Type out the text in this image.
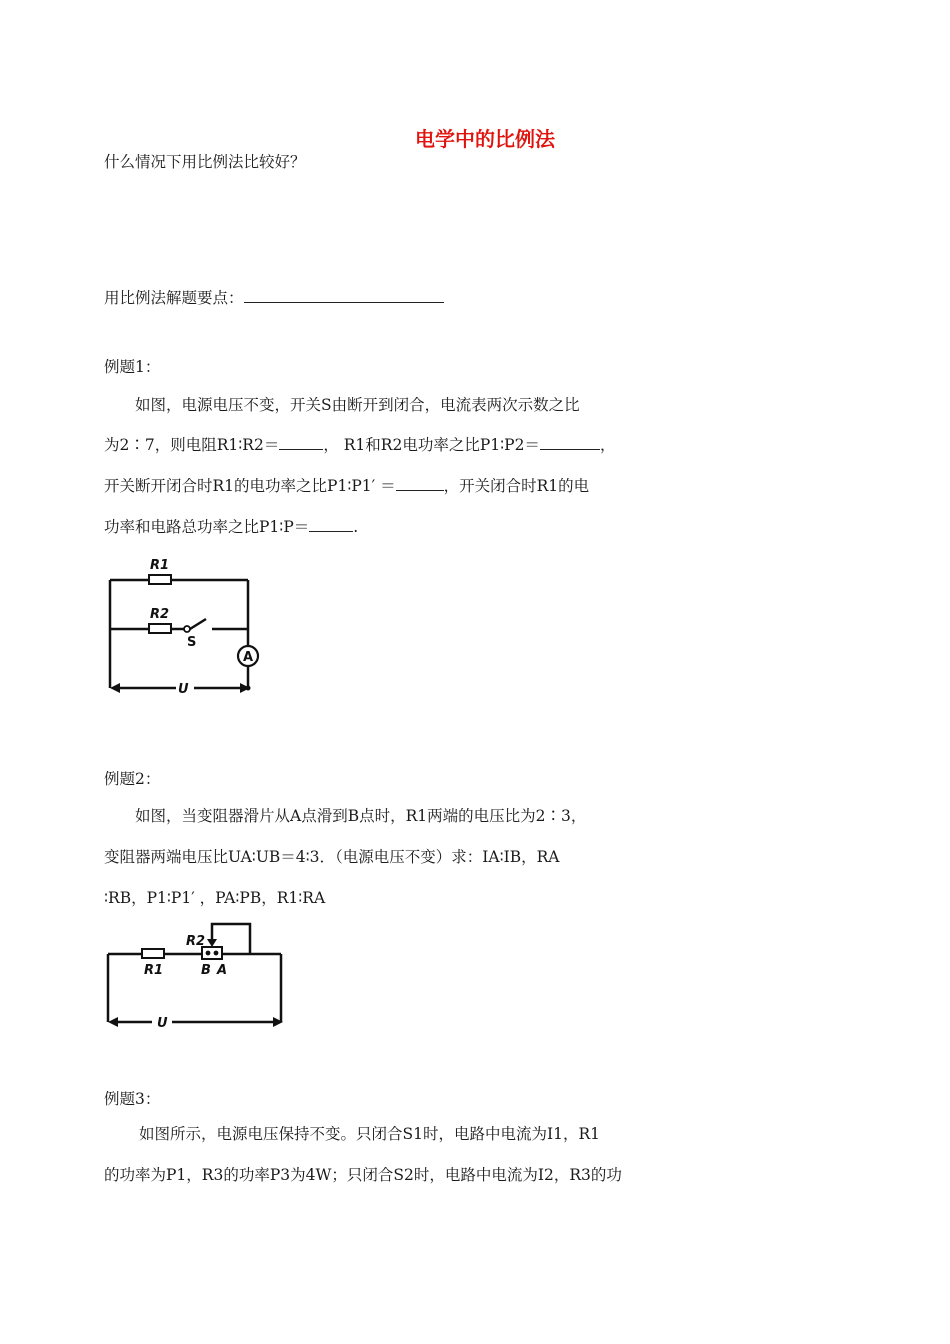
电学中的比例法
什么情况下用比例法比较好？
用比例法解题要点：
例题1：
如图，电源电压不变，开关S由断开到闭合，电流表两次示数之比
为2∶7，则电阻R1∶R2＝	， R1和R2电功率之比P1∶P2＝	，
开关断开闭合时R1的电功率之比P1∶P1′ ＝	，开关闭合时R1的电
功率和电路总功率之比P1∶P＝	.
R1
R2
S
A
U
例题2：
如图，当变阻器滑片从A点滑到B点时，R1两端的电压比为2∶3，
变阻器两端电压比UA∶UB＝4∶3．（电源电压不变）求：IA∶IB，RA
∶RB，P1∶P1′ ，PA∶PB，R1∶RA
R2
R1	B A
U
例题3：
如图所示，电源电压保持不变。只闭合S1时，电路中电流为I1，R1
的功率为P1，R3的功率P3为4W；只闭合S2时，电路中电流为I2，R3的功
